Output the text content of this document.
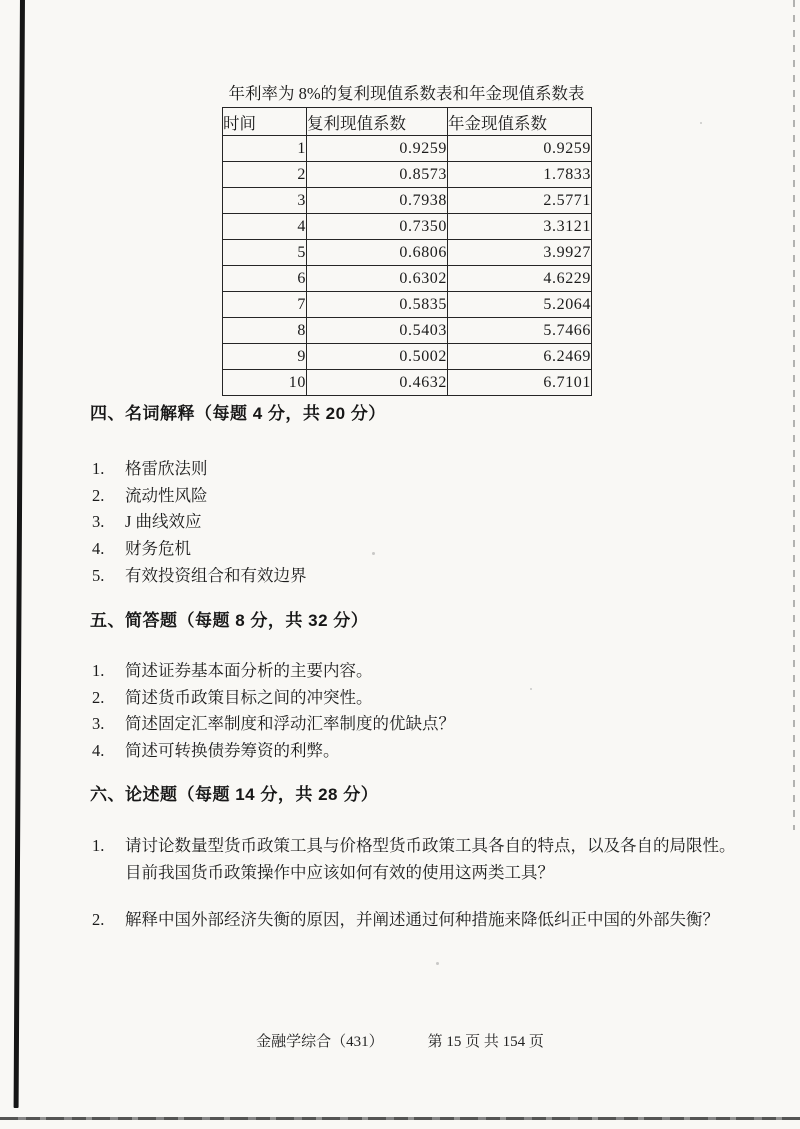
年利率为 8%的复利现值系数表和年金现值系数表
时间	复利现值系数	年金现值系数
1	0.9259	0.9259
2	0.8573	1.7833
3	0.7938	2.5771
4	0.7350	3.3121
5	0.6806	3.9927
6	0.6302	4.6229
7	0.5835	5.2064
8	0.5403	5.7466
9	0.5002	6.2469
10	0.4632	6.7101
四、名词解释（每题 4 分，共 20 分）
1.	格雷欣法则
2.	流动性风险
3.	J 曲线效应
4.	财务危机
5.	有效投资组合和有效边界
五、简答题（每题 8 分，共 32 分）
1.	简述证券基本面分析的主要内容。
2.	简述货币政策目标之间的冲突性。
3.	简述固定汇率制度和浮动汇率制度的优缺点？
4.	简述可转换债券筹资的利弊。
六、论述题（每题 14 分，共 28 分）
1.	请讨论数量型货币政策工具与价格型货币政策工具各自的特点，以及各自的局限性。目前我国货币政策操作中应该如何有效的使用这两类工具？
2.	解释中国外部经济失衡的原因，并阐述通过何种措施来降低纠正中国的外部失衡？
金融学综合（431）	第 15 页 共 154 页
